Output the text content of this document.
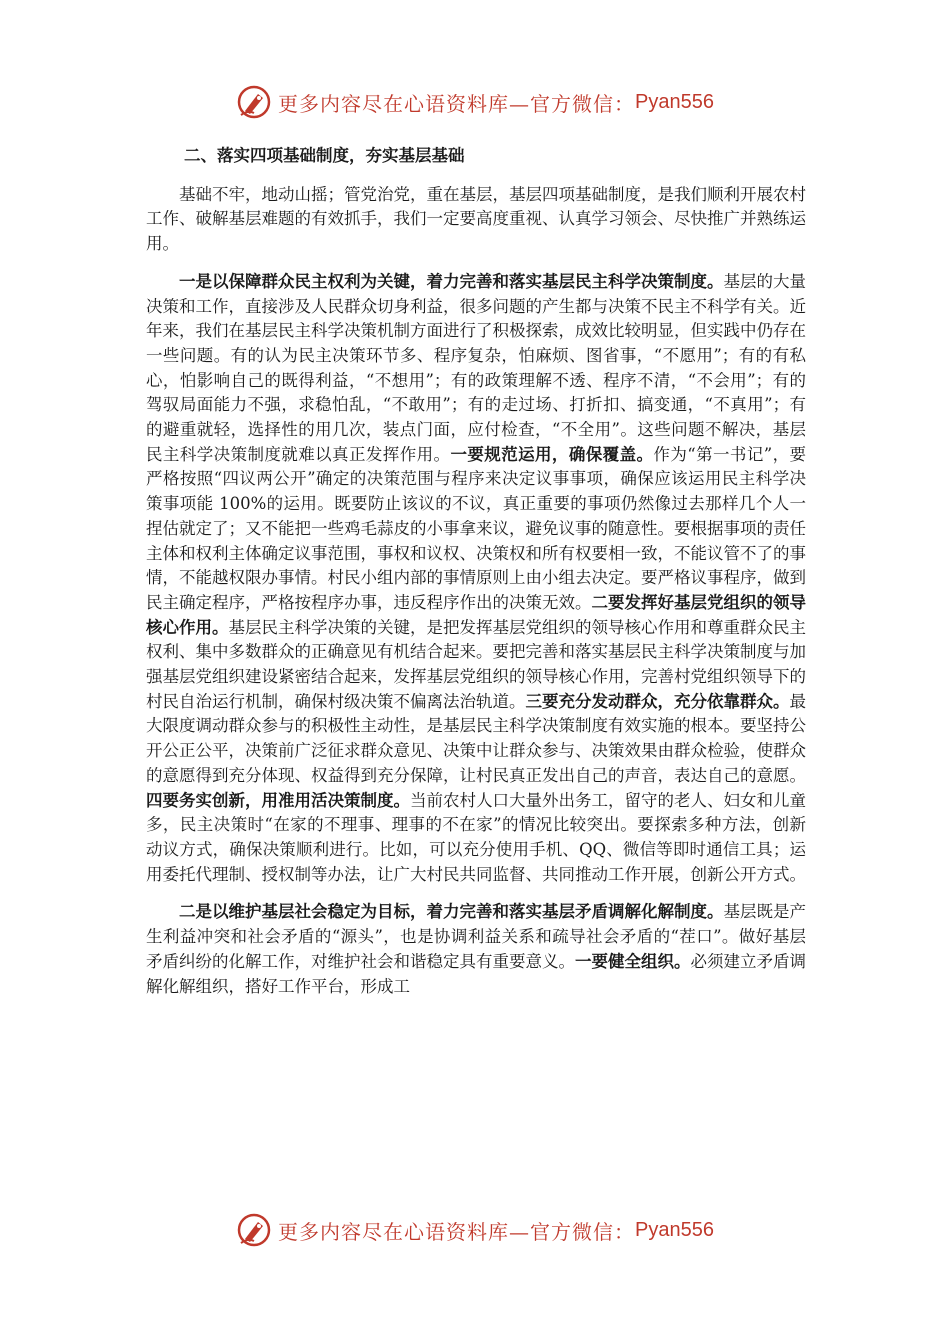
更多内容尽在心语资料库—官方微信： Pyan556
二、落实四项基础制度，夯实基层基础

基础不牢，地动山摇；管党治党，重在基层，基层四项基础制度，是我们顺利开展农村工作、破解基层难题的有效抓手，我们一定要高度重视、认真学习领会、尽快推广并熟练运用。

一是以保障群众民主权利为关键，着力完善和落实基层民主科学决策制度。基层的大量决策和工作，直接涉及人民群众切身利益，很多问题的产生都与决策不民主不科学有关。近年来，我们在基层民主科学决策机制方面进行了积极探索，成效比较明显，但实践中仍存在一些问题。有的认为民主决策环节多、程序复杂，怕麻烦、图省事，“不愿用”；有的有私心，怕影响自己的既得利益，“不想用”；有的政策理解不透、程序不清，“不会用”；有的驾驭局面能力不强，求稳怕乱，“不敢用”；有的走过场、打折扣、搞变通，“不真用”；有的避重就轻，选择性的用几次，装点门面，应付检查，“不全用”。这些问题不解决，基层民主科学决策制度就难以真正发挥作用。一要规范运用，确保覆盖。作为“第一书记”，要严格按照“四议两公开”确定的决策范围与程序来决定议事事项，确保应该运用民主科学决策事项能 100%的运用。既要防止该议的不议，真正重要的事项仍然像过去那样几个人一捏估就定了；又不能把一些鸡毛蒜皮的小事拿来议，避免议事的随意性。要根据事项的责任主体和权利主体确定议事范围，事权和议权、决策权和所有权要相一致，不能议管不了的事情，不能越权限办事情。村民小组内部的事情原则上由小组去决定。要严格议事程序，做到民主确定程序，严格按程序办事，违反程序作出的决策无效。二要发挥好基层党组织的领导核心作用。基层民主科学决策的关键，是把发挥基层党组织的领导核心作用和尊重群众民主权利、集中多数群众的正确意见有机结合起来。要把完善和落实基层民主科学决策制度与加强基层党组织建设紧密结合起来，发挥基层党组织的领导核心作用，完善村党组织领导下的村民自治运行机制，确保村级决策不偏离法治轨道。三要充分发动群众，充分依靠群众。最大限度调动群众参与的积极性主动性，是基层民主科学决策制度有效实施的根本。要坚持公开公正公平，决策前广泛征求群众意见、决策中让群众参与、决策效果由群众检验，使群众的意愿得到充分体现、权益得到充分保障，让村民真正发出自己的声音，表达自己的意愿。四要务实创新，用准用活决策制度。当前农村人口大量外出务工，留守的老人、妇女和儿童多，民主决策时“在家的不理事、理事的不在家”的情况比较突出。要探索多种方法，创新动议方式，确保决策顺利进行。比如，可以充分使用手机、QQ、微信等即时通信工具；运用委托代理制、授权制等办法，让广大村民共同监督、共同推动工作开展，创新公开方式。

二是以维护基层社会稳定为目标，着力完善和落实基层矛盾调解化解制度。基层既是产生利益冲突和社会矛盾的“源头”，也是协调利益关系和疏导社会矛盾的“茬口”。做好基层矛盾纠纷的化解工作，对维护社会和谐稳定具有重要意义。一要健全组织。必须建立矛盾调解化解组织，搭好工作平台，形成工

更多内容尽在心语资料库—官方微信： Pyan556
